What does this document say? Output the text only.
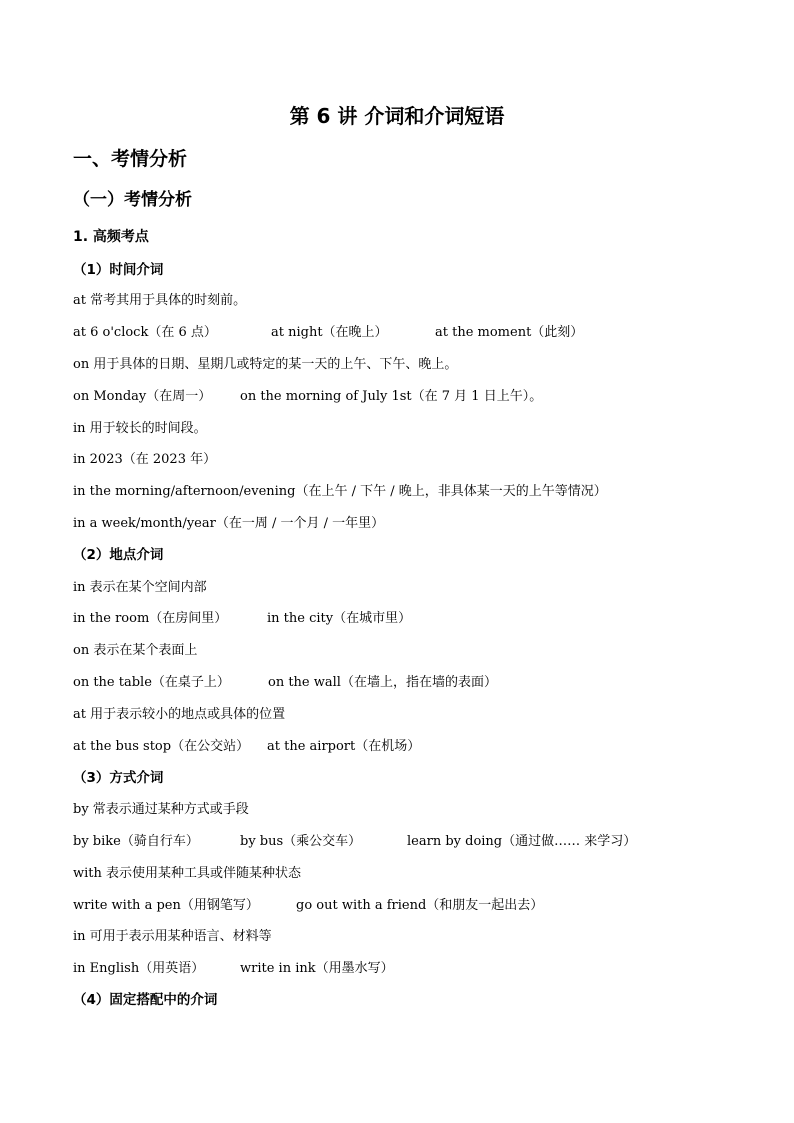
第 6 讲 介词和介词短语
一、考情分析
（一）考情分析
1. 高频考点
（1）时间介词
at 常考其用于具体的时刻前。
at 6 o'clock（在 6 点）	at night（在晚上）	at the moment（此刻）
on 用于具体的日期、星期几或特定的某一天的上午、下午、晚上。
on Monday（在周一） on the morning of July 1st（在 7 月 1 日上午）。
in 用于较长的时间段。
in 2023（在 2023 年）
in the morning/afternoon/evening（在上午 / 下午 / 晚上，非具体某一天的上午等情况）
in a week/month/year（在一周 / 一个月 / 一年里）
（2）地点介词
in 表示在某个空间内部
in the room（在房间里）	in the city（在城市里）
on 表示在某个表面上
on the table（在桌子上）	on the wall（在墙上，指在墙的表面）
at 用于表示较小的地点或具体的位置
at the bus stop（在公交站） at the airport（在机场）
（3）方式介词
by 常表示通过某种方式或手段
by bike（骑自行车）	by bus（乘公交车）	learn by doing（通过做…… 来学习）
with 表示使用某种工具或伴随某种状态
write with a pen（用钢笔写）	go out with a friend（和朋友一起出去）
in 可用于表示用某种语言、材料等
in English（用英语）	write in ink（用墨水写）
（4）固定搭配中的介词
